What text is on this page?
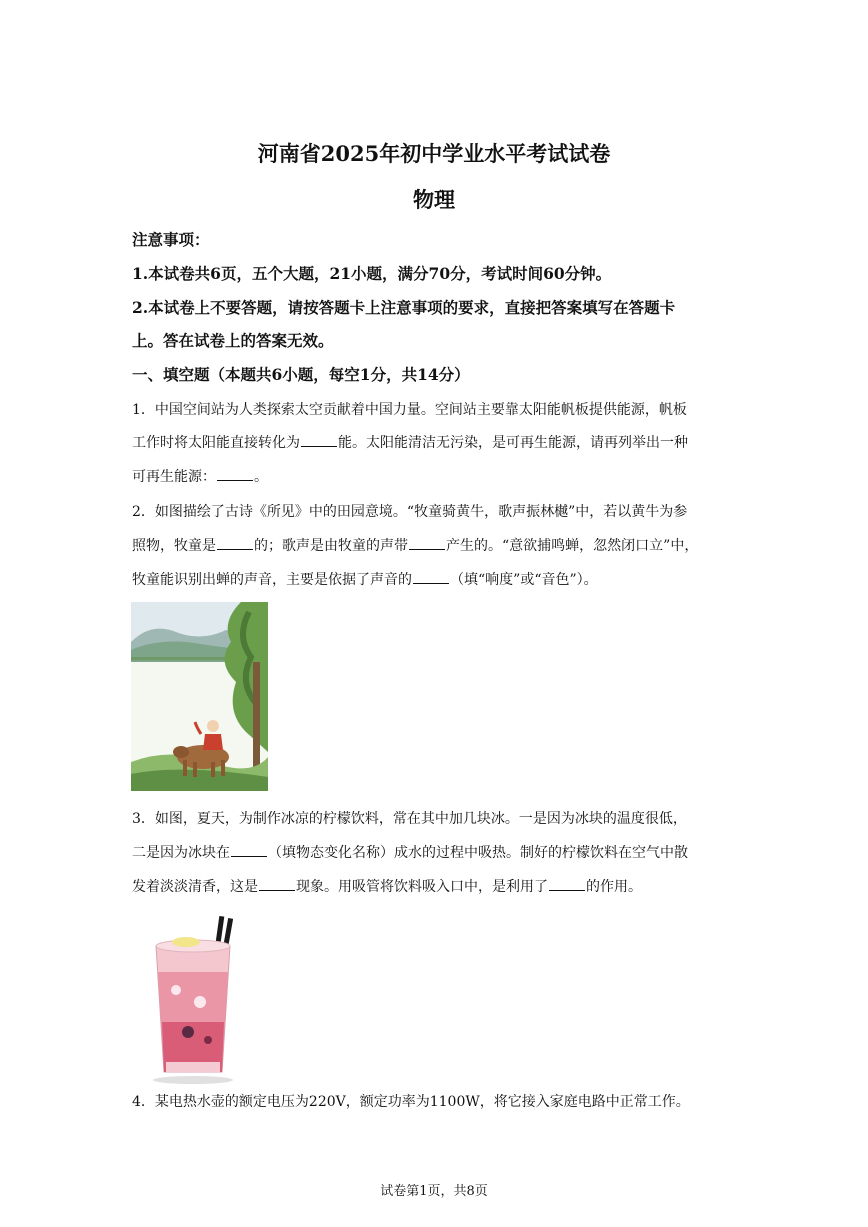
河南省2025年初中学业水平考试试卷
物理
注意事项：
1.本试卷共6页，五个大题，21小题，满分70分，考试时间60分钟。
2.本试卷上不要答题，请按答题卡上注意事项的要求，直接把答案填写在答题卡
上。答在试卷上的答案无效。
一、填空题（本题共6小题，每空1分，共14分）
1．中国空间站为人类探索太空贡献着中国力量。空间站主要靠太阳能帆板提供能源，帆板
工作时将太阳能直接转化为	能。太阳能清洁无污染，是可再生能源，请再列举出一种
可再生能源：	。
2．如图描绘了古诗《所见》中的田园意境。“牧童骑黄牛，歌声振林樾”中，若以黄牛为参
照物，牧童是	的；歌声是由牧童的声带	产生的。“意欲捕鸣蝉，忽然闭口立”中，
牧童能识别出蝉的声音，主要是依据了声音的	（填“响度”或“音色”）。
3．如图，夏天，为制作冰凉的柠檬饮料，常在其中加几块冰。一是因为冰块的温度很低，
二是因为冰块在	（填物态变化名称）成水的过程中吸热。制好的柠檬饮料在空气中散
发着淡淡清香，这是	现象。用吸管将饮料吸入口中，是利用了	的作用。
4．某电热水壶的额定电压为220V，额定功率为1100W，将它接入家庭电路中正常工作。
试卷第1页，共8页
